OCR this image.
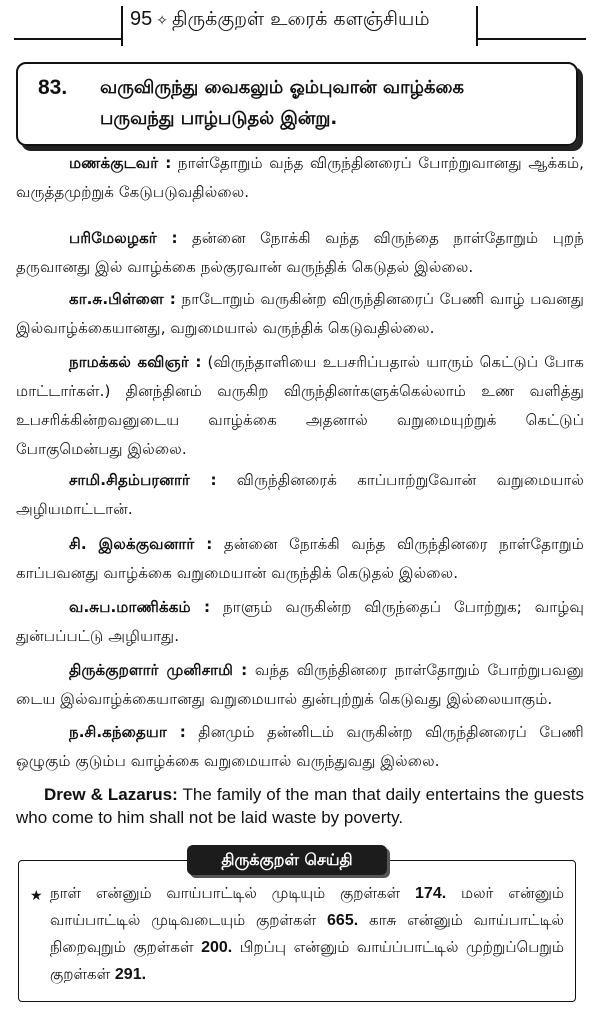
95 ✧ திருக்குறள் உரைக் களஞ்சியம்
83. வருவிருந்து வைகலும் ஓம்புவான் வாழ்க்கை
பருவந்து பாழ்படுதல் இன்று.
மணக்குடவர் : நாள்தோறும் வந்த விருந்தினரைப் போற்றுவானது ஆக்கம், வருத்தமுற்றுக் கேடுபடுவதில்லை.
பரிமேலழகர் : தன்னை நோக்கி வந்த விருந்தை நாள்தோறும் புறந் தருவானது இல் வாழ்க்கை நல்குரவான் வருந்திக் கெடுதல் இல்லை.
கா.சு.பிள்ளை : நாடோறும் வருகின்ற விருந்தினரைப் பேணி வாழ் பவனது இல்வாழ்க்கையானது, வறுமையால் வருந்திக் கெடுவதில்லை.
நாமக்கல் கவிஞர் : (விருந்தாளியை உபசரிப்பதால் யாரும் கெட்டுப் போக மாட்டார்கள்.) தினந்தினம் வருகிற விருந்தினர்களுக்கெல்லாம் உண வளித்து உபசரிக்கின்றவனுடைய வாழ்க்கை அதனால் வறுமையுற்றுக் கெட்டுப் போகுமென்பது இல்லை.
சாமி.சிதம்பரனார் : விருந்தினரைக் காப்பாற்றுவோன் வறுமையால் அழியமாட்டான்.
சி. இலக்குவனார் : தன்னை நோக்கி வந்த விருந்தினரை நாள்தோறும் காப்பவனது வாழ்க்கை வறுமையான் வருந்திக் கெடுதல் இல்லை.
வ.சுப.மாணிக்கம் : நாளும் வருகின்ற விருந்தைப் போற்றுக; வாழ்வு துன்பப்பட்டு அழியாது.
திருக்குறளார் முனிசாமி : வந்த விருந்தினரை நாள்தோறும் போற்றுபவனு டைய இல்வாழ்க்கையானது வறுமையால் துன்புற்றுக் கெடுவது இல்லையாகும்.
ந.சி.கந்தையா : தினமும் தன்னிடம் வருகின்ற விருந்தினரைப் பேணி ஒழுகும் குடும்ப வாழ்க்கை வறுமையால் வருந்துவது இல்லை.
Drew & Lazarus: The family of the man that daily entertains the guests who come to him shall not be laid waste by poverty.
திருக்குறள் செய்தி
★ நாள் என்னும் வாய்பாட்டில் முடியும் குறள்கள் 174. மலர் என்னும் வாய்பாட்டில் முடிவடையும் குறள்கள் 665. காசு என்னும் வாய்பாட்டில் நிறைவுறும் குறள்கள் 200. பிறப்பு என்னும் வாய்ப்பாட்டில் முற்றுப்பெறும் குறள்கள் 291.
